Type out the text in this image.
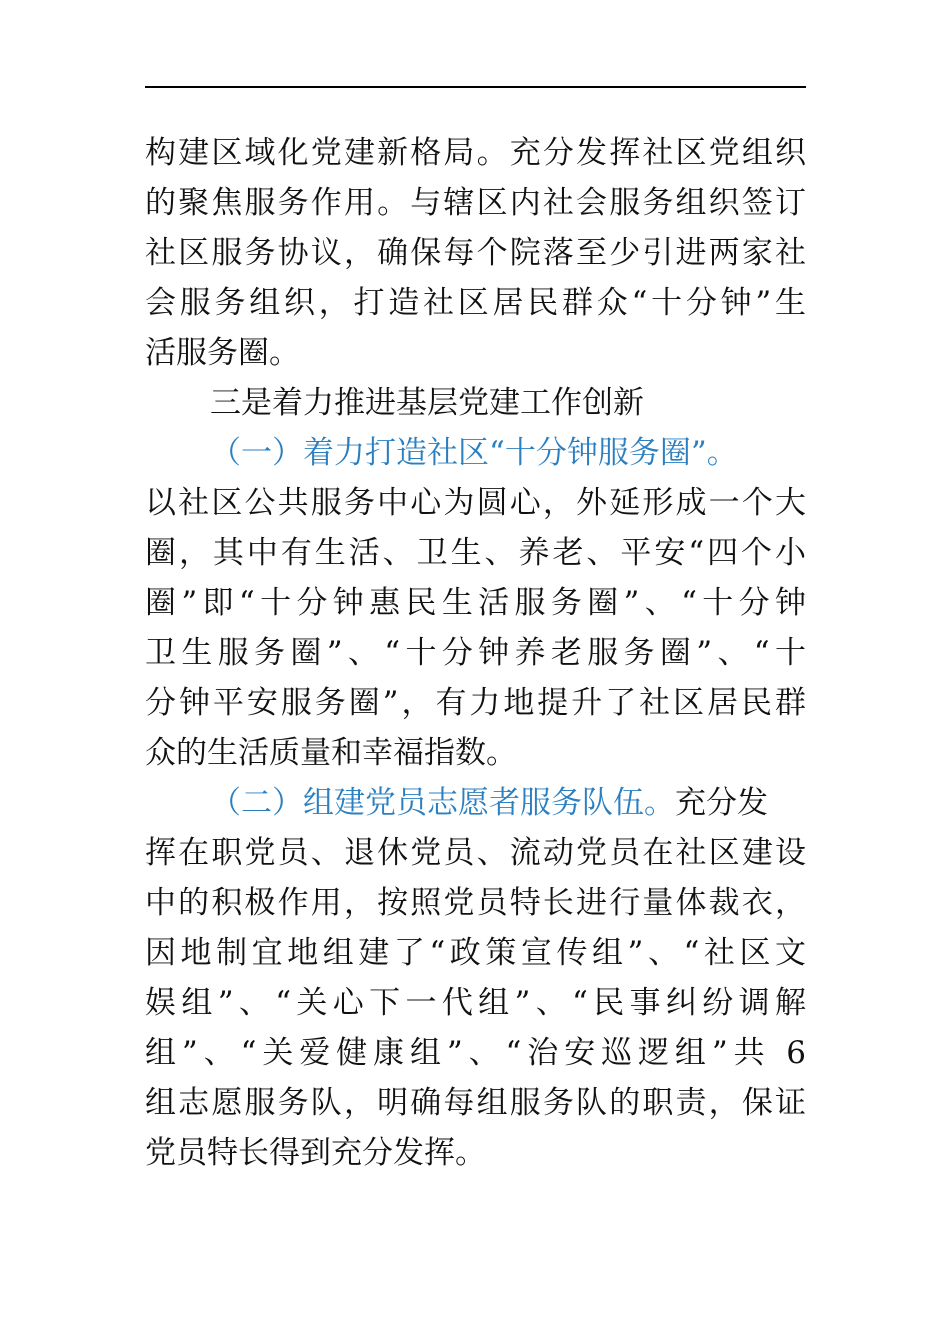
构建区域化党建新格局。充分发挥社区党组织
的聚焦服务作用。与辖区内社会服务组织签订
社区服务协议，确保每个院落至少引进两家社
会服务组织，打造社区居民群众“十分钟”生
活服务圈。
三是着力推进基层党建工作创新
（一）着力打造社区“十分钟服务圈”。
以社区公共服务中心为圆心，外延形成一个大
圈，其中有生活、卫生、养老、平安“四个小
圈”即“十分钟惠民生活服务圈”、“十分钟
卫生服务圈”、“十分钟养老服务圈”、“十
分钟平安服务圈”，有力地提升了社区居民群
众的生活质量和幸福指数。
（二）组建党员志愿者服务队伍。充分发
挥在职党员、退休党员、流动党员在社区建设
中的积极作用，按照党员特长进行量体裁衣，
因地制宜地组建了“政策宣传组”、“社区文
娱组”、“关心下一代组”、“民事纠纷调解
组”、“关爱健康组”、“治安巡逻组”共 6
组志愿服务队，明确每组服务队的职责，保证
党员特长得到充分发挥。
